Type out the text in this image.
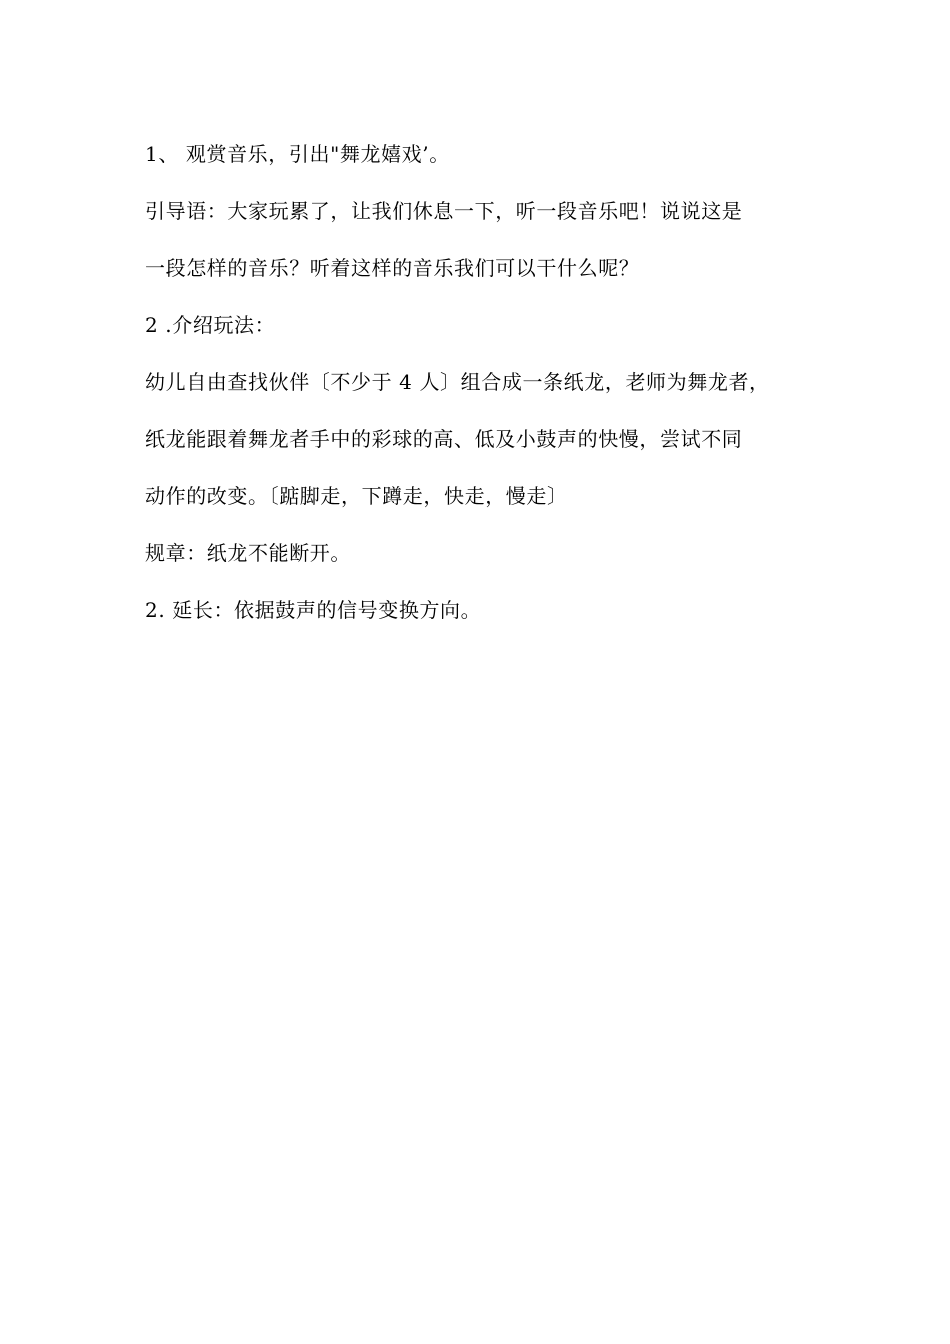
1、 观赏音乐，引出"舞龙嬉戏’。
引导语：大家玩累了，让我们休息一下，听一段音乐吧！说说这是
一段怎样的音乐？听着这样的音乐我们可以干什么呢？
2 .介绍玩法：
幼儿自由查找伙伴〔不少于 4 人〕组合成一条纸龙，老师为舞龙者，
纸龙能跟着舞龙者手中的彩球的高、低及小鼓声的快慢，尝试不同
动作的改变。〔踮脚走，下蹲走，快走，慢走〕
规章：纸龙不能断开。
2. 延长：依据鼓声的信号变换方向。
